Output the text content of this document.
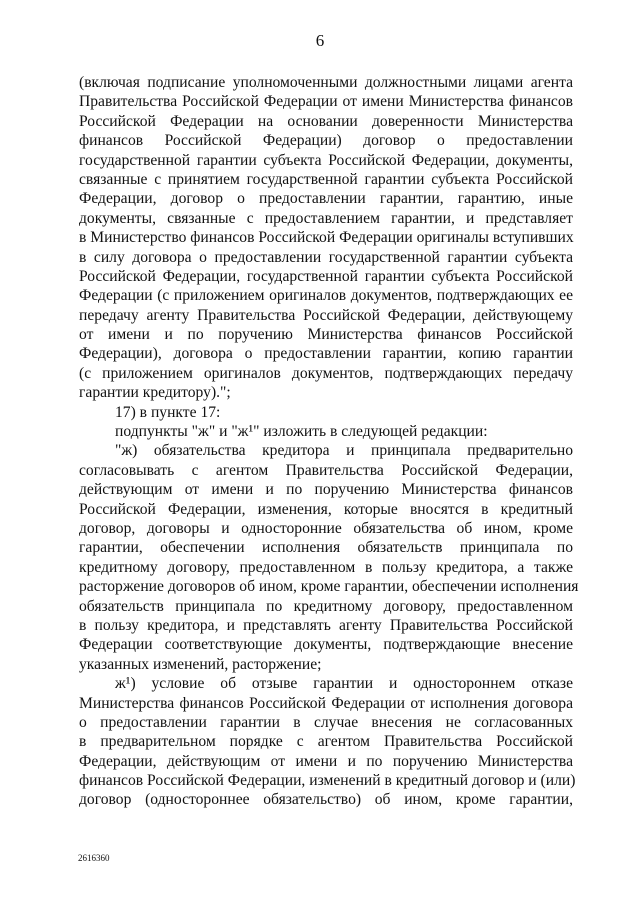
6
(включая подписание уполномоченными должностными лицами агента
Правительства Российской Федерации от имени Министерства финансов
Российской Федерации на основании доверенности Министерства
финансов Российской Федерации) договор о предоставлении
государственной гарантии субъекта Российской Федерации, документы,
связанные с принятием государственной гарантии субъекта Российской
Федерации, договор о предоставлении гарантии, гарантию, иные
документы, связанные с предоставлением гарантии, и представляет
в Министерство финансов Российской Федерации оригиналы вступивших
в силу договора о предоставлении государственной гарантии субъекта
Российской Федерации, государственной гарантии субъекта Российской
Федерации (с приложением оригиналов документов, подтверждающих ее
передачу агенту Правительства Российской Федерации, действующему
от имени и по поручению Министерства финансов Российской
Федерации), договора о предоставлении гарантии, копию гарантии
(с приложением оригиналов документов, подтверждающих передачу
гарантии кредитору).";
17) в пункте 17:
подпункты "ж" и "ж¹" изложить в следующей редакции:
"ж) обязательства кредитора и принципала предварительно
согласовывать с агентом Правительства Российской Федерации,
действующим от имени и по поручению Министерства финансов
Российской Федерации, изменения, которые вносятся в кредитный
договор, договоры и односторонние обязательства об ином, кроме
гарантии, обеспечении исполнения обязательств принципала по
кредитному договору, предоставленном в пользу кредитора, а также
расторжение договоров об ином, кроме гарантии, обеспечении исполнения
обязательств принципала по кредитному договору, предоставленном
в пользу кредитора, и представлять агенту Правительства Российской
Федерации соответствующие документы, подтверждающие внесение
указанных изменений, расторжение;
ж¹) условие об отзыве гарантии и одностороннем отказе
Министерства финансов Российской Федерации от исполнения договора
о предоставлении гарантии в случае внесения не согласованных
в предварительном порядке с агентом Правительства Российской
Федерации, действующим от имени и по поручению Министерства
финансов Российской Федерации, изменений в кредитный договор и (или)
договор (одностороннее обязательство) об ином, кроме гарантии,
2616360
